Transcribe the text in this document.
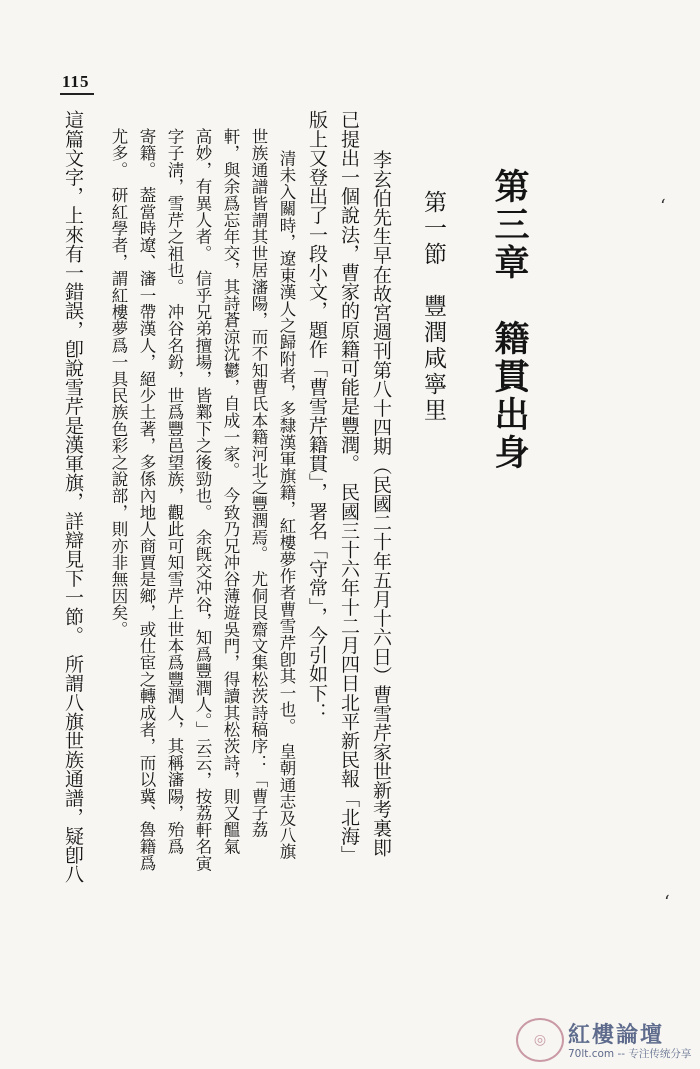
115
第三章　籍貫出身
第一節　豐潤咸寧里
李玄伯先生早在故宮週刊第八十四期（民國二十年五月十六日）曹雪芹家世新考裏即
已提出一個說法，曹家的原籍可能是豐潤。　民國三十六年十二月四日北平新民報「北海」
版上又登出了一段小文，題作「曹雪芹籍貫」，署名「守常」，今引如下：
清未入關時，遼東漢人之歸附者，多隸漢軍旗籍，紅樓夢作者曹雪芹卽其一也。　皇朝通志及八旗
世族通譜皆謂其世居瀋陽，而不知曹氏本籍河北之豐潤焉。　尤侗艮齋文集松茨詩稿序：「曹子荔
軒，與余爲忘年交，其詩蒼涼沈鬱，自成一家。　今致乃兄冲谷薄遊吳門，得讀其松茨詩，則又醞氣
高妙，有異人者。　信乎兄弟擅場，皆鄴下之後勁也。　余旣交冲谷，知爲豐潤人。」云云，按荔軒名寅
字子淸，雪芹之祖也。　冲谷名鈖，世爲豐邑望族，觀此可知雪芹上世本爲豐潤人，其稱瀋陽，殆爲
寄籍。　葢當時遼、瀋一帶漢人，絕少土著，多係內地人商賈是鄉，或仕宦之轉成者，而以冀、魯籍爲
尤多。　研紅學者，謂紅樓夢爲一具民族色彩之說部，則亦非無因矣。
這篇文字，上來有一錯誤，卽說雪芹是漢軍旗，詳辯見下一節。　所謂八旗世族通譜，疑卽八	ʻ
ʻ
◎ 紅樓論壇
70lt.com -- 专注传统分享
